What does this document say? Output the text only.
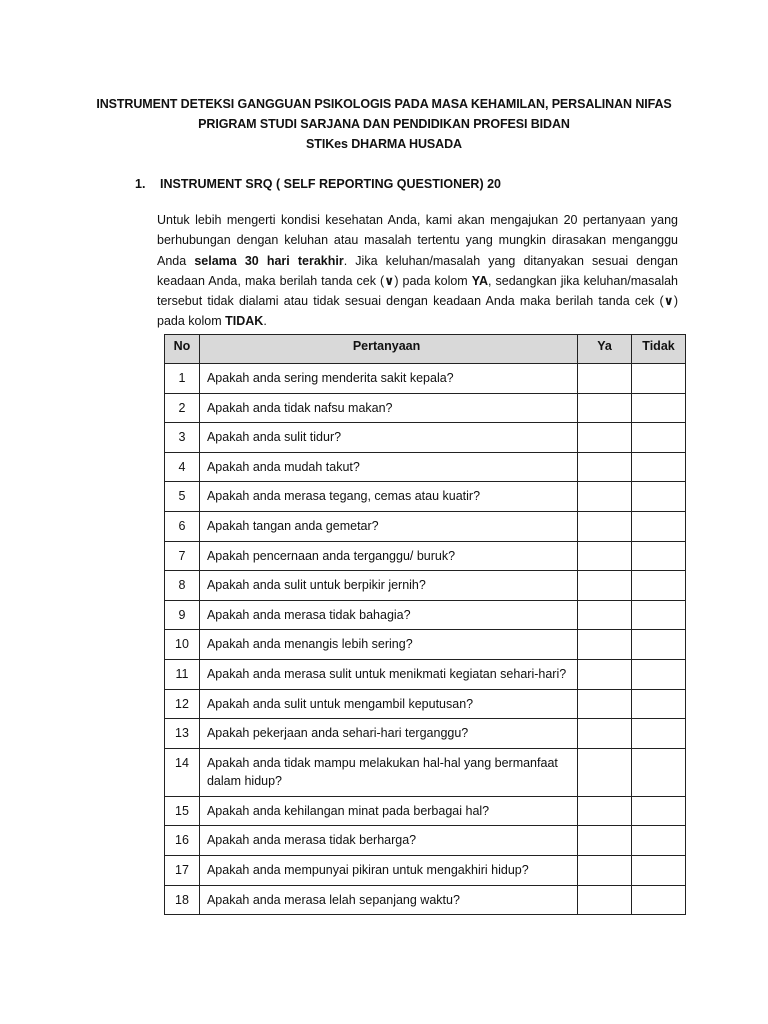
INSTRUMENT DETEKSI GANGGUAN PSIKOLOGIS PADA MASA KEHAMILAN, PERSALINAN NIFAS
PRIGRAM STUDI SARJANA DAN PENDIDIKAN PROFESI BIDAN
STIKes DHARMA HUSADA
1. INSTRUMENT SRQ ( SELF REPORTING QUESTIONER) 20
Untuk lebih mengerti kondisi kesehatan Anda, kami akan mengajukan 20 pertanyaan yang berhubungan dengan keluhan atau masalah tertentu yang mungkin dirasakan menganggu Anda selama 30 hari terakhir. Jika keluhan/masalah yang ditanyakan sesuai dengan keadaan Anda, maka berilah tanda cek (∨) pada kolom YA, sedangkan jika keluhan/masalah tersebut tidak dialami atau tidak sesuai dengan keadaan Anda maka berilah tanda cek (∨) pada kolom TIDAK.
No	Pertanyaan	Ya	Tidak
1	Apakah anda sering menderita sakit kepala?		
2	Apakah anda tidak nafsu makan?		
3	Apakah anda sulit tidur?		
4	Apakah anda mudah takut?		
5	Apakah anda merasa tegang, cemas atau kuatir?		
6	Apakah tangan anda gemetar?		
7	Apakah pencernaan anda terganggu/ buruk?		
8	Apakah anda sulit untuk berpikir jernih?		
9	Apakah anda merasa tidak bahagia?		
10	Apakah anda menangis lebih sering?		
11	Apakah anda merasa sulit untuk menikmati kegiatan sehari-hari?		
12	Apakah anda sulit untuk mengambil keputusan?		
13	Apakah pekerjaan anda sehari-hari terganggu?		
14	Apakah anda tidak mampu melakukan hal-hal yang bermanfaat dalam hidup?		
15	Apakah anda kehilangan minat pada berbagai hal?		
16	Apakah anda merasa tidak berharga?		
17	Apakah anda mempunyai pikiran untuk mengakhiri hidup?		
18	Apakah anda merasa lelah sepanjang waktu?		
